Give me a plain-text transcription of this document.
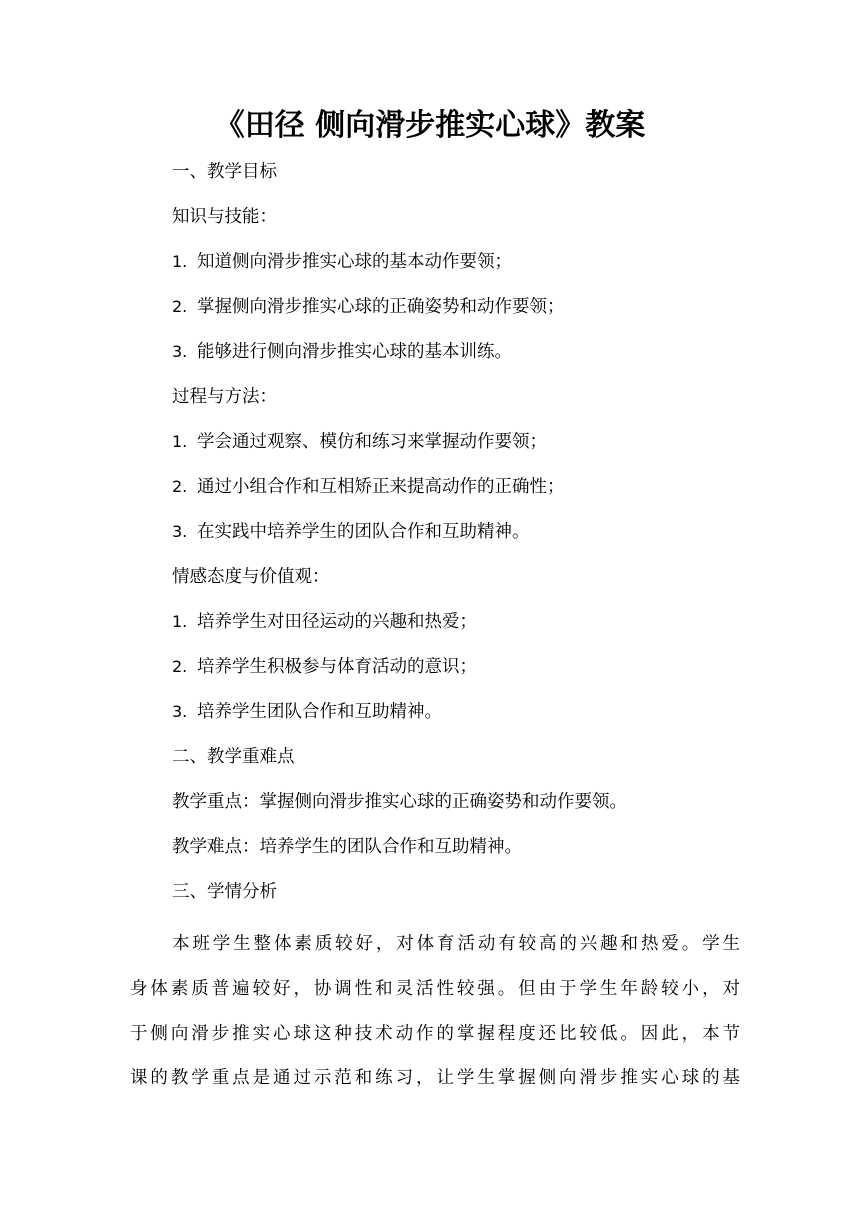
《田径 侧向滑步推实心球》教案
一、教学目标
知识与技能：
1. 知道侧向滑步推实心球的基本动作要领；
2. 掌握侧向滑步推实心球的正确姿势和动作要领；
3. 能够进行侧向滑步推实心球的基本训练。
过程与方法：
1. 学会通过观察、模仿和练习来掌握动作要领；
2. 通过小组合作和互相矫正来提高动作的正确性；
3. 在实践中培养学生的团队合作和互助精神。
情感态度与价值观：
1. 培养学生对田径运动的兴趣和热爱；
2. 培养学生积极参与体育活动的意识；
3. 培养学生团队合作和互助精神。
二、教学重难点
教学重点：掌握侧向滑步推实心球的正确姿势和动作要领。
教学难点：培养学生的团队合作和互助精神。
三、学情分析
本班学生整体素质较好，对体育活动有较高的兴趣和热爱。学生
身体素质普遍较好，协调性和灵活性较强。但由于学生年龄较小，对
于侧向滑步推实心球这种技术动作的掌握程度还比较低。因此，本节
课的教学重点是通过示范和练习，让学生掌握侧向滑步推实心球的基
